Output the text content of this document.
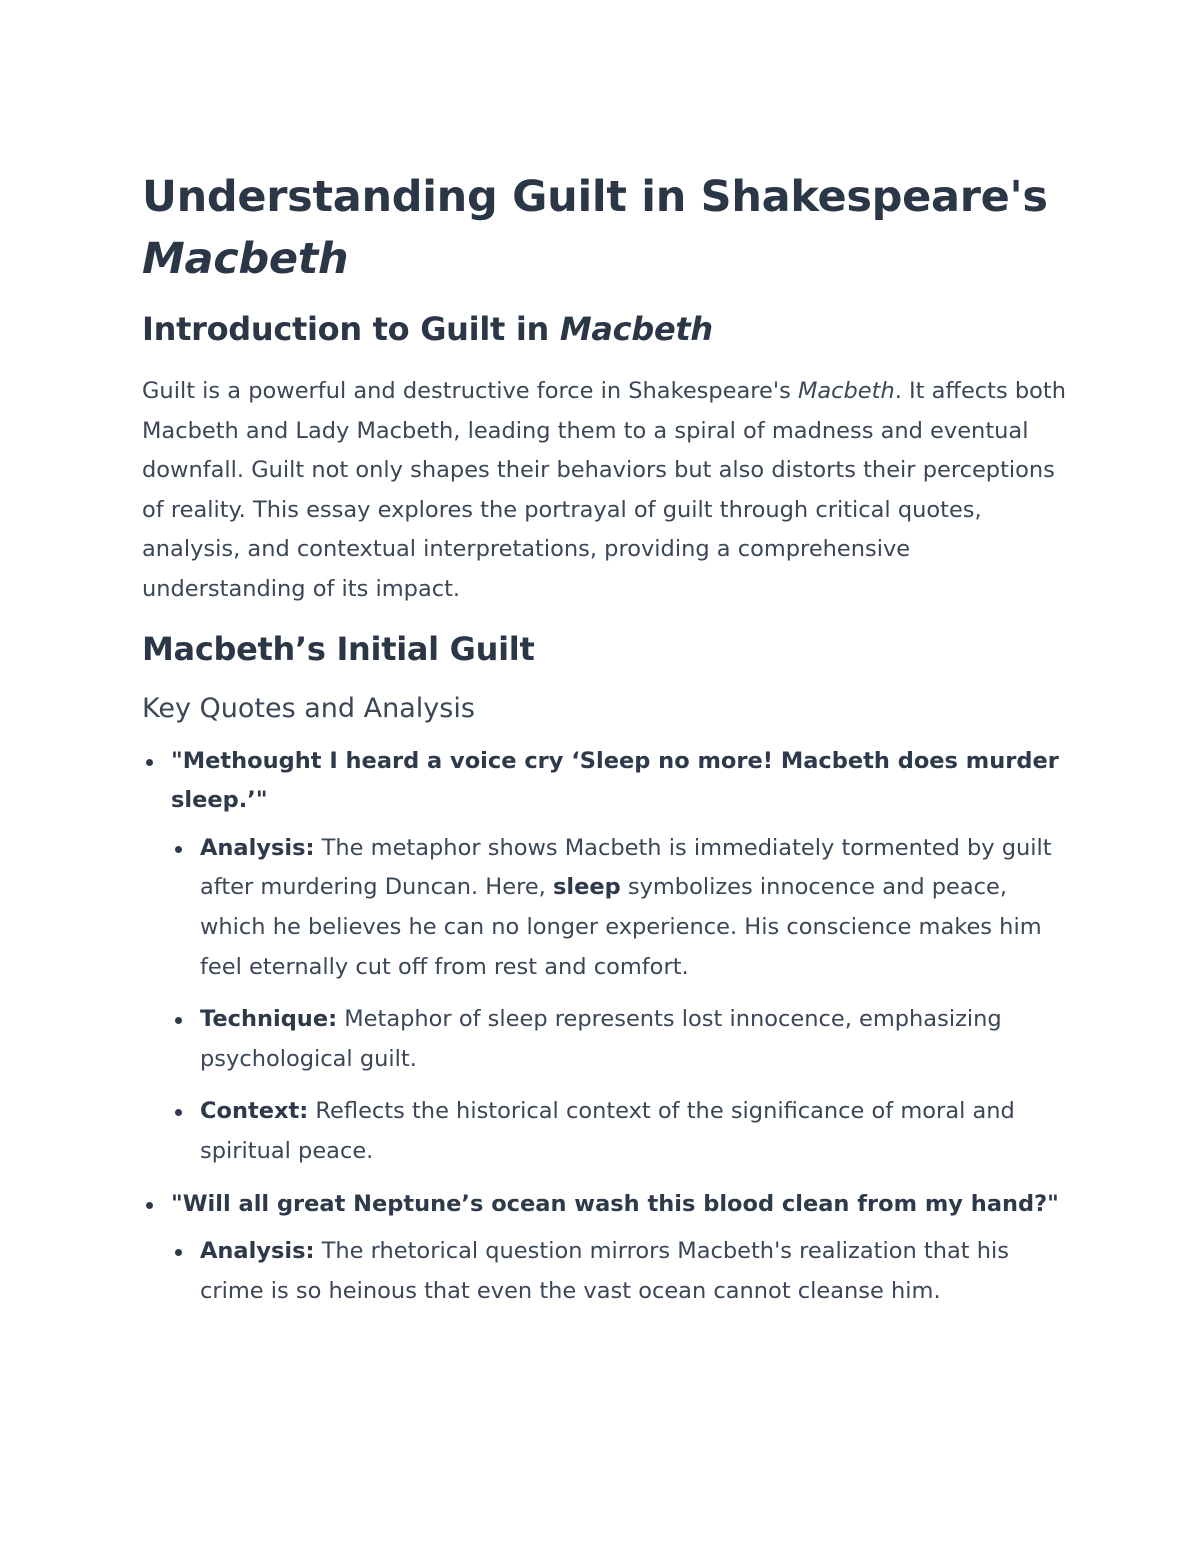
Understanding Guilt in Shakespeare's
Macbeth
Introduction to Guilt in Macbeth

Guilt is a powerful and destructive force in Shakespeare's Macbeth. It affects both Macbeth and Lady Macbeth, leading them to a spiral of madness and eventual downfall. Guilt not only shapes their behaviors but also distorts their perceptions of reality. This essay explores the portrayal of guilt through critical quotes, analysis, and contextual interpretations, providing a comprehensive understanding of its impact.

Macbeth’s Initial Guilt
Key Quotes and Analysis
"Methought I heard a voice cry ‘Sleep no more! Macbeth does murder sleep.’"
Analysis: The metaphor shows Macbeth is immediately tormented by guilt after murdering Duncan. Here, sleep symbolizes innocence and peace, which he believes he can no longer experience. His conscience makes him feel eternally cut off from rest and comfort.
Technique: Metaphor of sleep represents lost innocence, emphasizing psychological guilt.
Context: Reflects the historical context of the significance of moral and spiritual peace.
"Will all great Neptune’s ocean wash this blood clean from my hand?"
Analysis: The rhetorical question mirrors Macbeth's realization that his crime is so heinous that even the vast ocean cannot cleanse him.
